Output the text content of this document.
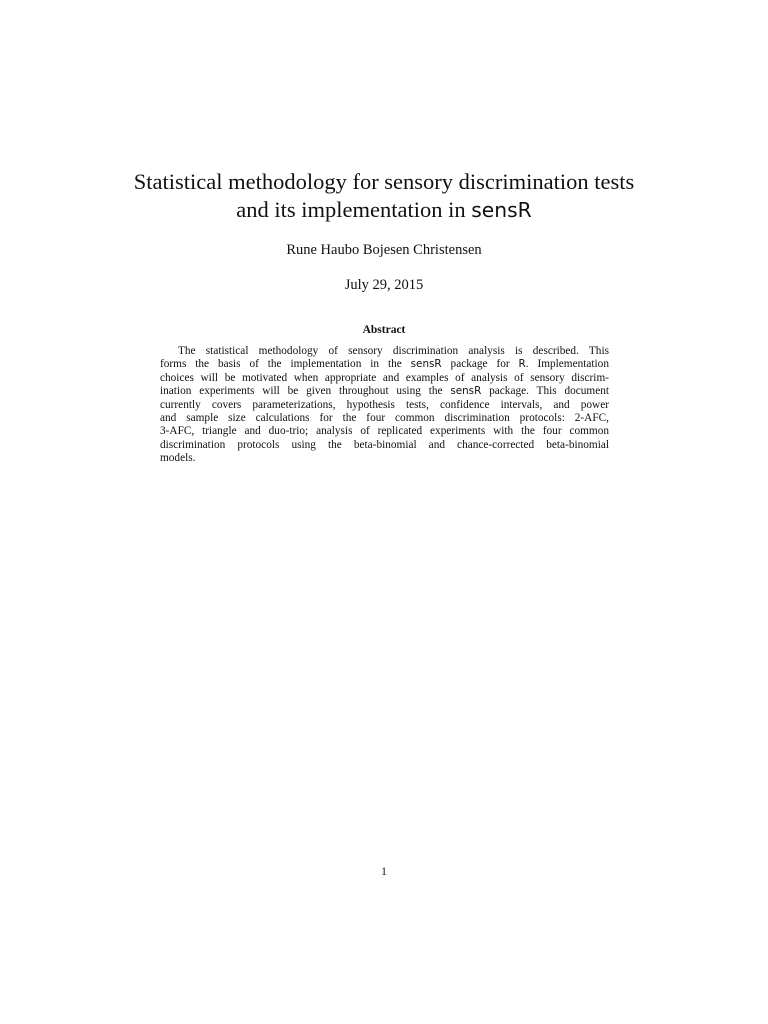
Statistical methodology for sensory discrimination tests
and its implementation in sensR
Rune Haubo Bojesen Christensen
July 29, 2015
Abstract
The statistical methodology of sensory discrimination analysis is described. This
forms the basis of the implementation in the sensR package for R. Implementation
choices will be motivated when appropriate and examples of analysis of sensory discrim-
ination experiments will be given throughout using the sensR package. This document
currently covers parameterizations, hypothesis tests, confidence intervals, and power
and sample size calculations for the four common discrimination protocols: 2-AFC,
3-AFC, triangle and duo-trio; analysis of replicated experiments with the four common
discrimination protocols using the beta-binomial and chance-corrected beta-binomial
models.
1
